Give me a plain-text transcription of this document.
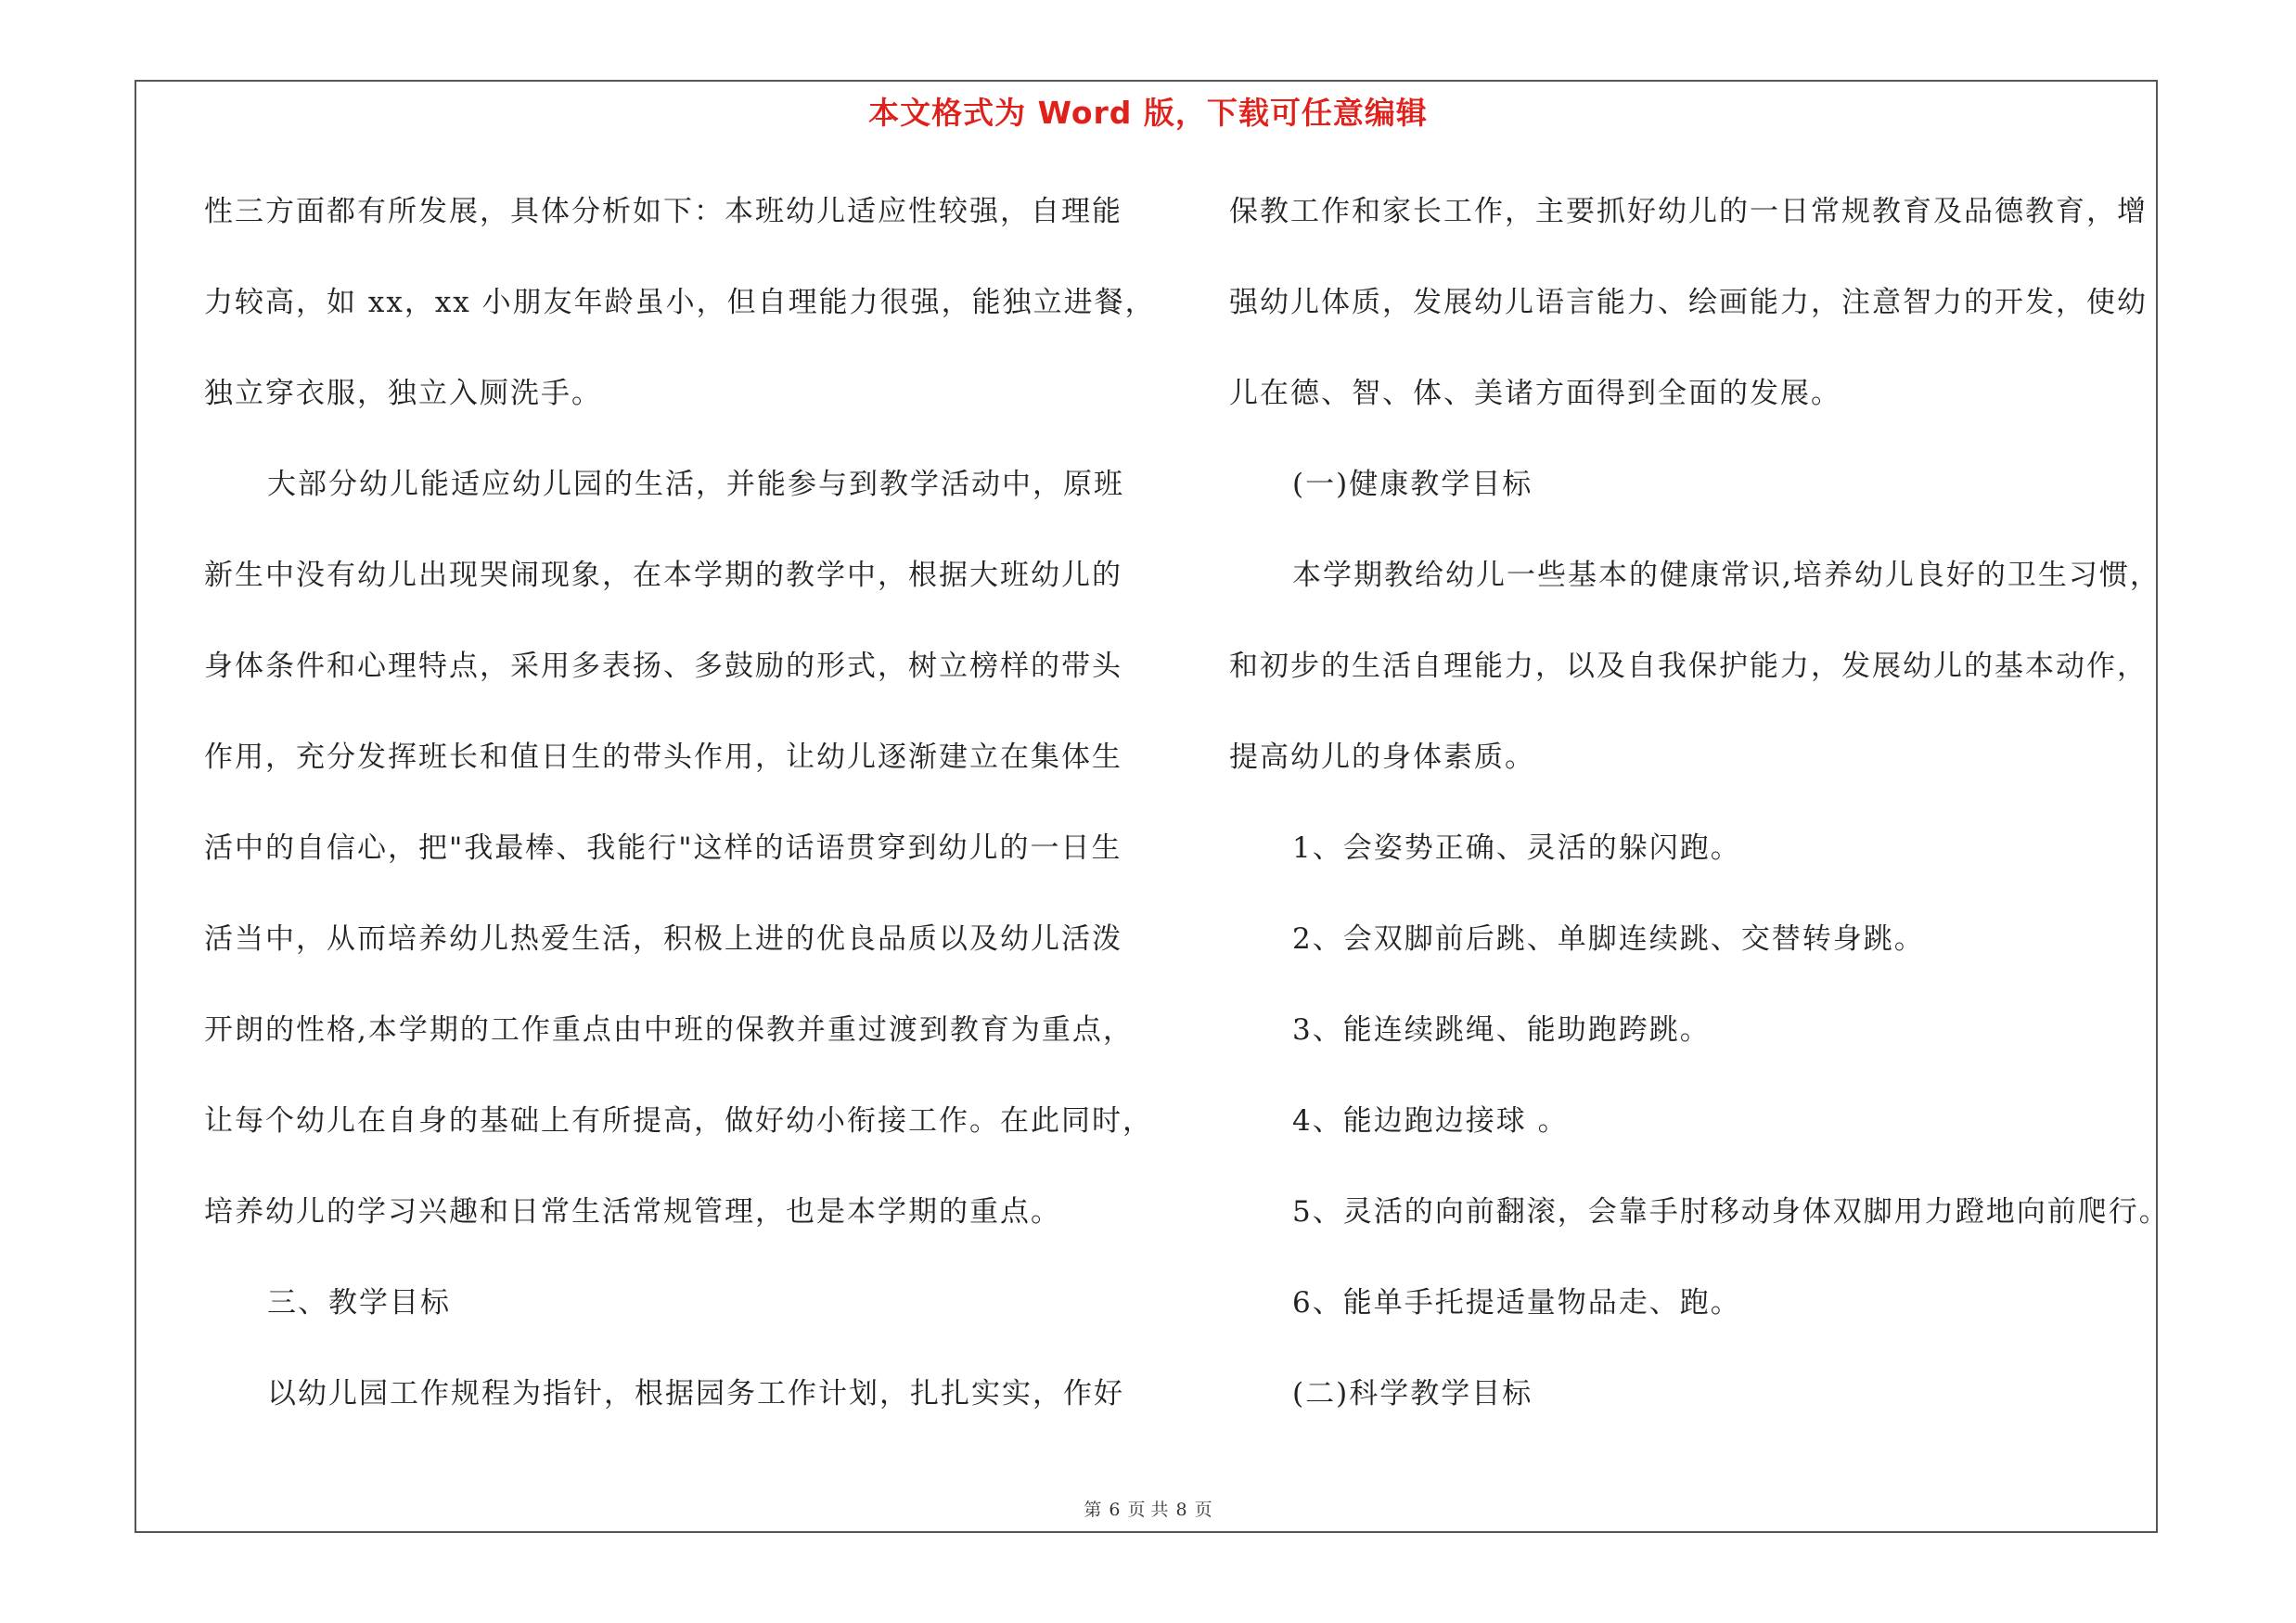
本文格式为 Word 版，下载可任意编辑
性三方面都有所发展，具体分析如下：本班幼儿适应性较强，自理能
力较高，如 xx，xx 小朋友年龄虽小，但自理能力很强，能独立进餐，
独立穿衣服，独立入厕洗手。
大部分幼儿能适应幼儿园的生活，并能参与到教学活动中，原班
新生中没有幼儿出现哭闹现象，在本学期的教学中，根据大班幼儿的
身体条件和心理特点，采用多表扬、多鼓励的形式，树立榜样的带头
作用，充分发挥班长和值日生的带头作用，让幼儿逐渐建立在集体生
活中的自信心，把"我最棒、我能行"这样的话语贯穿到幼儿的一日生
活当中，从而培养幼儿热爱生活，积极上进的优良品质以及幼儿活泼
开朗的性格,本学期的工作重点由中班的保教并重过渡到教育为重点，
让每个幼儿在自身的基础上有所提高，做好幼小衔接工作。在此同时，
培养幼儿的学习兴趣和日常生活常规管理，也是本学期的重点。
三、教学目标
以幼儿园工作规程为指针，根据园务工作计划，扎扎实实，作好
保教工作和家长工作，主要抓好幼儿的一日常规教育及品德教育，增
强幼儿体质，发展幼儿语言能力、绘画能力，注意智力的开发，使幼
儿在德、智、体、美诸方面得到全面的发展。
(一)健康教学目标
本学期教给幼儿一些基本的健康常识,培养幼儿良好的卫生习惯，
和初步的生活自理能力，以及自我保护能力，发展幼儿的基本动作，
提高幼儿的身体素质。
1、会姿势正确、灵活的躲闪跑。
2、会双脚前后跳、单脚连续跳、交替转身跳。
3、能连续跳绳、能助跑跨跳。
4、能边跑边接球 。
5、灵活的向前翻滚，会靠手肘移动身体双脚用力蹬地向前爬行。
6、能单手托提适量物品走、跑。
(二)科学教学目标
第 6 页 共 8 页
